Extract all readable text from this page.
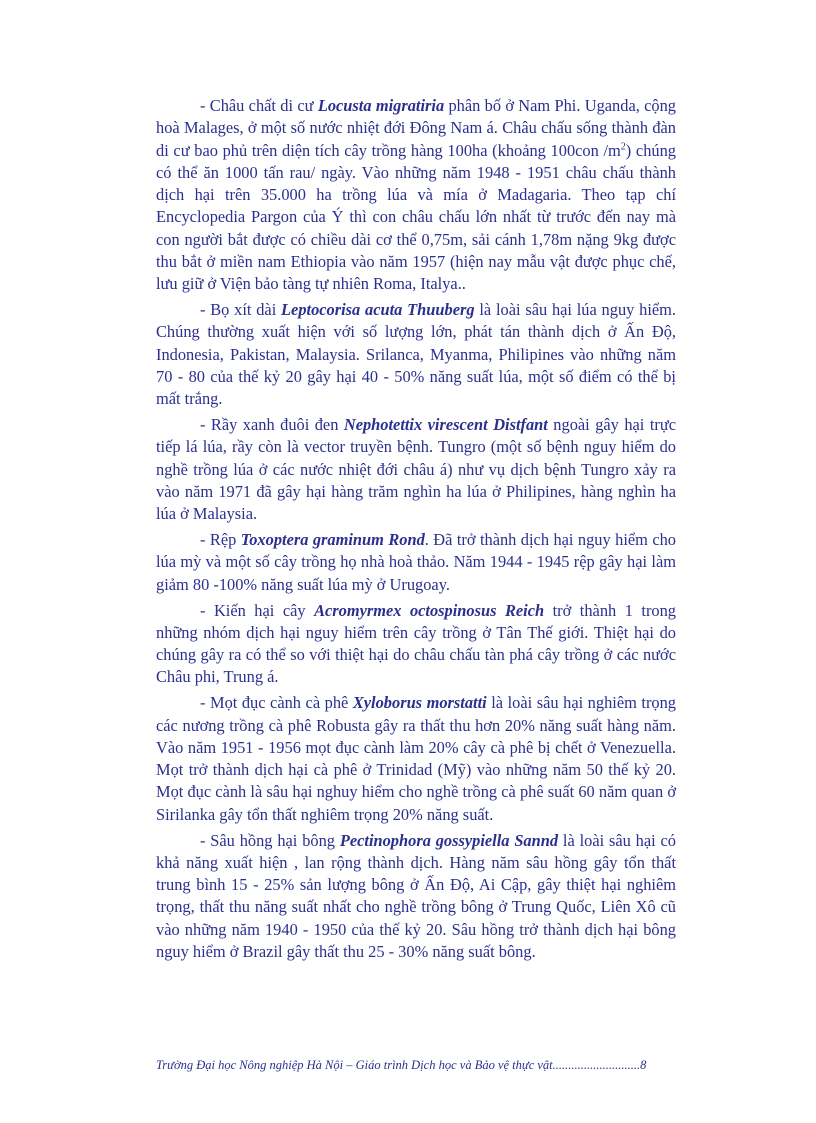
- Châu chất di cư Locusta migratiria phân bố ở Nam Phi. Uganda, cộng hoà Malages, ở một số nước nhiệt đới Đông Nam á. Châu chấu sống thành đàn di cư bao phủ trên diện tích cây trồng hàng 100ha (khoảng 100con $/m^2$) chúng có thể ăn 1000 tấn rau/ ngày. Vào những năm 1948 - 1951 châu chấu thành dịch hại trên 35.000 ha trồng lúa và mía ở Madagaria. Theo tạp chí Encyclopedia Pargon của Ý thì con châu chấu lớn nhất từ trước đến nay mà con người bắt được có chiều dài cơ thể 0,75m, sải cánh 1,78m nặng 9kg được thu bắt ở miền nam Ethiopia vào năm 1957 (hiện nay mẫu vật được phục chế, lưu giữ ở Viện bảo tàng tự nhiên Roma, Italya..

- Bọ xít dài Leptocorisa acuta Thuuberg là loài sâu hại lúa nguy hiểm. Chúng thường xuất hiện với số lượng lớn, phát tán thành dịch ở Ấn Độ, Indonesia, Pakistan, Malaysia. Srilanca, Myanma, Philipines vào những năm 70 - 80 của thế kỷ 20 gây hại 40 - 50% năng suất lúa, một số điểm có thể bị mất trắng.

- Rầy xanh đuôi đen Nephotettix virescent Distfant ngoài gây hại trực tiếp lá lúa, rầy còn là vector truyền bệnh. Tungro (một số bệnh nguy hiểm do nghề trồng lúa ở các nước nhiệt đới châu á) như vụ dịch bệnh Tungro xảy ra vào năm 1971 đã gây hại hàng trăm nghìn ha lúa ở Philipines, hàng nghìn ha lúa ở Malaysia.

- Rệp Toxoptera graminum Rond. Đã trở thành dịch hại nguy hiểm cho lúa mỳ và một số cây trồng họ nhà hoà thảo. Năm 1944 - 1945 rệp gây hại làm giảm 80 -100% năng suất lúa mỳ ở Urugoay.

- Kiến hại cây Acromyrmex octospinosus Reich trở thành 1 trong những nhóm dịch hại nguy hiểm trên cây trồng ở Tân Thế giới. Thiệt hại do chúng gây ra có thể so với thiệt hại do châu chấu tàn phá cây trồng ở các nước Châu phi, Trung á.

- Mọt đục cành cà phê Xyloborus morstatti là loài sâu hại nghiêm trọng các nương trồng cà phê Robusta gây ra thất thu hơn 20% năng suất hàng năm. Vào năm 1951 - 1956 mọt đục cành làm 20% cây cà phê bị chết ở Venezuella. Mọt trở thành dịch hại cà phê ở Trinidad (Mỹ) vào những năm 50 thế kỷ 20. Mọt đục cành là sâu hại nghuy hiểm cho nghề trồng cà phê suất 60 năm quan ở Sirilanka gây tổn thất nghiêm trọng 20% năng suất.

- Sâu hồng hại bông Pectinophora gossypiella Sannd là loài sâu hại có khả năng xuất hiện , lan rộng thành dịch. Hàng năm sâu hồng gây tổn thất trung bình 15 - 25% sản lượng bông ở Ấn Độ, Ai Cập, gây thiệt hại nghiêm trọng, thất thu năng suất nhất cho nghề trồng bông ở Trung Quốc, Liên Xô cũ vào những năm 1940 - 1950 của thế kỷ 20. Sâu hồng trở thành dịch hại bông nguy hiểm ở Brazil gây thất thu 25 - 30% năng suất bông.

Trường Đại học Nông nghiệp Hà Nội – Giáo trình Dịch học và Bảo vệ thực vật............................8
